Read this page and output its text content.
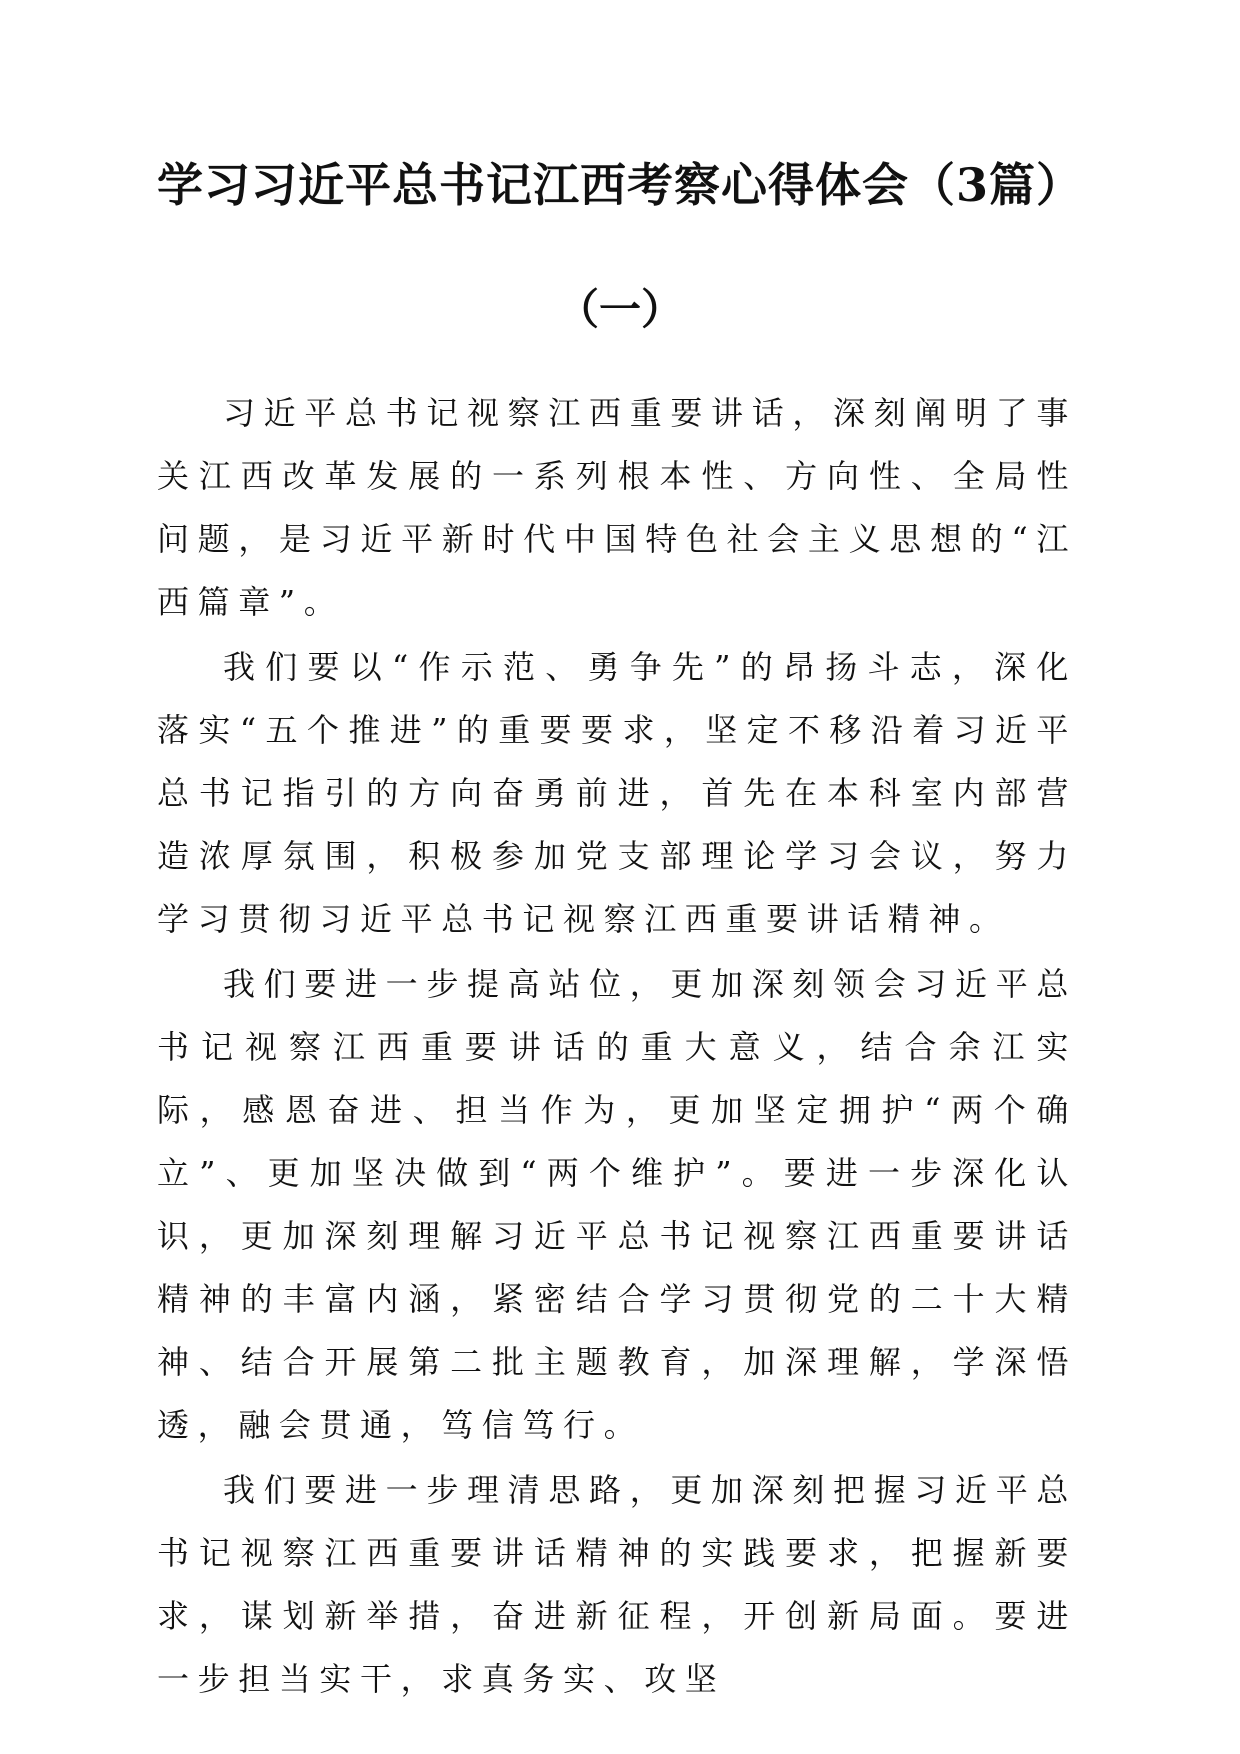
学习习近平总书记江西考察心得体会（3篇）
（一）

习近平总书记视察江西重要讲话，深刻阐明了事关江西改革发展的一系列根本性、方向性、全局性问题，是习近平新时代中国特色社会主义思想的“江西篇章”。

我们要以“作示范、勇争先”的昂扬斗志，深化落实“五个推进”的重要要求，坚定不移沿着习近平总书记指引的方向奋勇前进，首先在本科室内部营造浓厚氛围，积极参加党支部理论学习会议，努力学习贯彻习近平总书记视察江西重要讲话精神。

我们要进一步提高站位，更加深刻领会习近平总书记视察江西重要讲话的重大意义，结合余江实际，感恩奋进、担当作为，更加坚定拥护“两个确立”、更加坚决做到“两个维护”。要进一步深化认识，更加深刻理解习近平总书记视察江西重要讲话精神的丰富内涵，紧密结合学习贯彻党的二十大精神、结合开展第二批主题教育，加深理解，学深悟透，融会贯通，笃信笃行。

我们要进一步理清思路，更加深刻把握习近平总书记视察江西重要讲话精神的实践要求，把握新要求，谋划新举措，奋进新征程，开创新局面。要进一步担当实干，求真务实、攻坚
